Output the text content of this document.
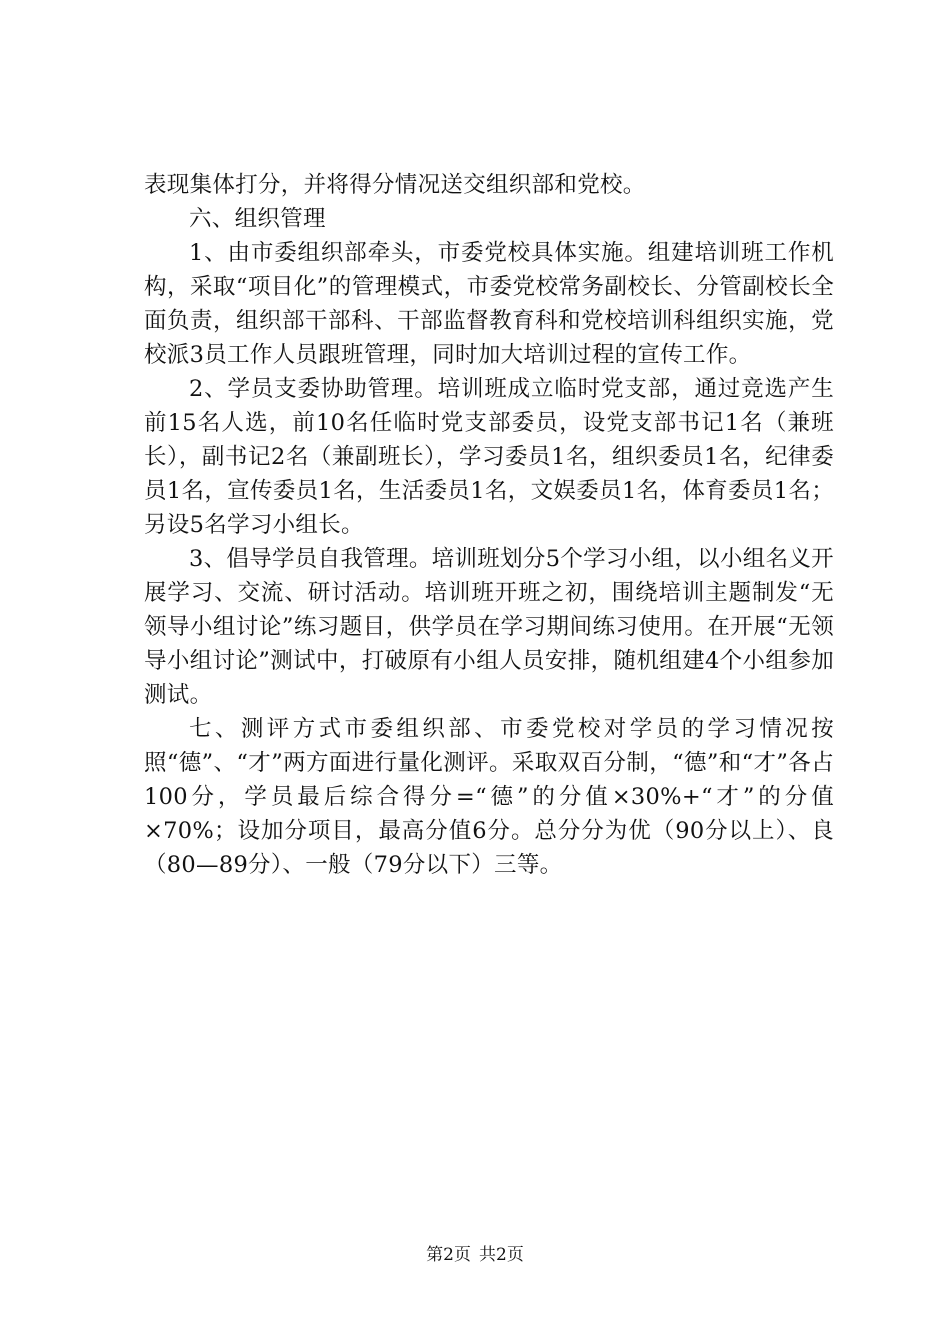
表现集体打分，并将得分情况送交组织部和党校。

六、组织管理

1、由市委组织部牵头，市委党校具体实施。组建培训班工作机构，采取“项目化”的管理模式，市委党校常务副校长、分管副校长全面负责，组织部干部科、干部监督教育科和党校培训科组织实施，党校派3员工作人员跟班管理，同时加大培训过程的宣传工作。

2、学员支委协助管理。培训班成立临时党支部，通过竞选产生前15名人选，前10名任临时党支部委员，设党支部书记1名（兼班长），副书记2名（兼副班长），学习委员1名，组织委员1名，纪律委员1名，宣传委员1名，生活委员1名，文娱委员1名，体育委员1名；另设5名学习小组长。

3、倡导学员自我管理。培训班划分5个学习小组，以小组名义开展学习、交流、研讨活动。培训班开班之初，围绕培训主题制发“无领导小组讨论”练习题目，供学员在学习期间练习使用。在开展“无领导小组讨论”测试中，打破原有小组人员安排，随机组建4个小组参加测试。

七、测评方式市委组织部、市委党校对学员的学习情况按照“德”、“才”两方面进行量化测评。采取双百分制，“德”和“才”各占100分，学员最后综合得分=“德”的分值×30%+“才”的分值×70%；设加分项目，最高分值6分。总分分为优（90分以上）、良（80—89分）、一般（79分以下）三等。

第2页 共2页
